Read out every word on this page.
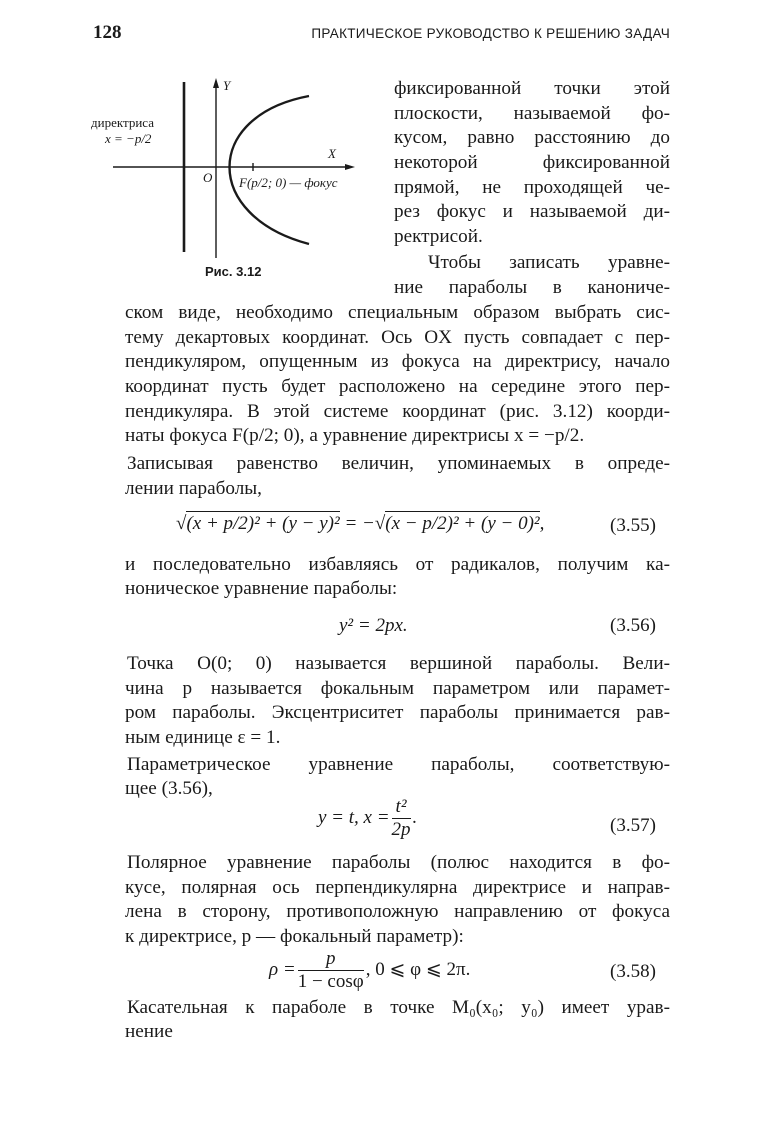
128	ПРАКТИЧЕСКОЕ РУКОВОДСТВО К РЕШЕНИЮ ЗАДАЧ
директриса
x = −p/2
Y
X
O F(p/2; 0) — фокус
Рис. 3.12
фиксированной точки этой
плоскости, называемой фо-
кусом, равно расстоянию до
некоторой фиксированной
прямой, не проходящей че-
рез фокус и называемой ди-
ректрисой.
Чтобы записать уравне-
ние параболы в канониче-
ском виде, необходимо специальным образом выбрать сис-
тему декартовых координат. Ось OX пусть совпадает с пер-
пендикуляром, опущенным из фокуса на директрису, начало
координат пусть будет расположено на середине этого пер-
пендикуляра. В этой системе координат (рис. 3.12) коорди-
наты фокуса F(p/2; 0), а уравнение директрисы x = −p/2.
Записывая равенство величин, упоминаемых в опреде-
лении параболы,
√(x + p/2)² + (y − y)² = −√(x − p/2)² + (y − 0)²,	(3.55)
и последовательно избавляясь от радикалов, получим ка-
ноническое уравнение параболы:
y² = 2px.	(3.56)
Точка O(0; 0) называется вершиной параболы. Вели-
чина p называется фокальным параметром или парамет-
ром параболы. Эксцентриситет параболы принимается рав-
ным единице ε = 1.
Параметрическое уравнение параболы, соответствую-
щее (3.56),
y = t, $x = \frac{\text{t²}}{2p}$ .	(3.57)
Полярное уравнение параболы (полюс находится в фо-
кусе, полярная ось перпендикулярна директрисе и направ-
лена в сторону, противоположную направлению от фокуса
к директрисе, p — фокальный параметр):
$\rho = \frac{p}{1 - \cos\varphi}$ , 0 ⩽ φ ⩽ 2π.	(3.58)
Касательная к параболе в точке M₀(x₀; y₀) имеет урав-
нение
